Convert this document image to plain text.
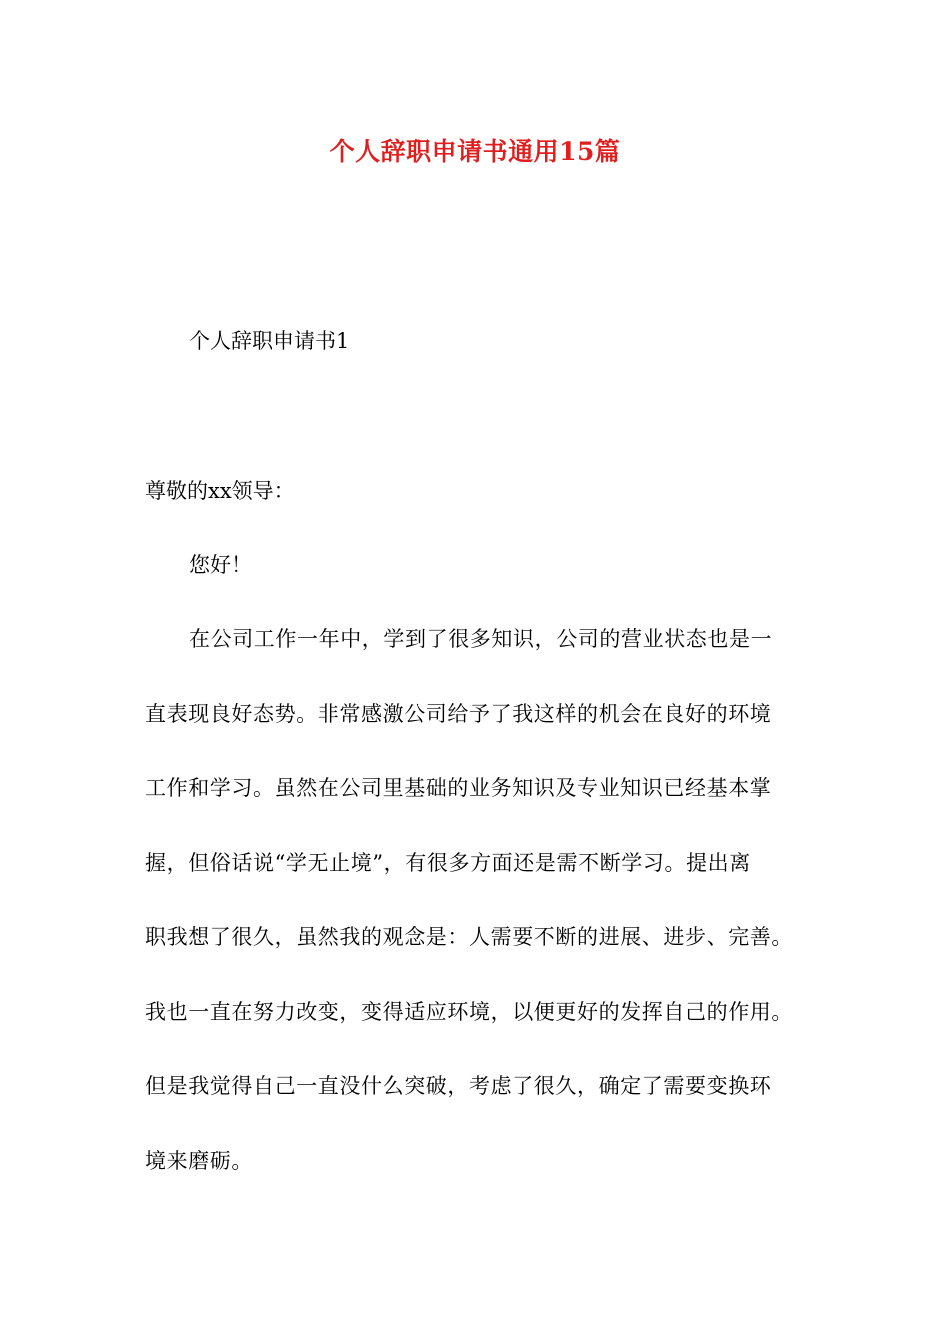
个人辞职申请书通用15篇

个人辞职申请书1

尊敬的xx领导：

您好！

在公司工作一年中，学到了很多知识，公司的营业状态也是一
直表现良好态势。非常感激公司给予了我这样的机会在良好的环境
工作和学习。虽然在公司里基础的业务知识及专业知识已经基本掌
握，但俗话说“学无止境”，有很多方面还是需不断学习。提出离
职我想了很久，虽然我的观念是：人需要不断的进展、进步、完善。
我也一直在努力改变，变得适应环境，以便更好的发挥自己的作用。
但是我觉得自己一直没什么突破，考虑了很久，确定了需要变换环
境来磨砺。
